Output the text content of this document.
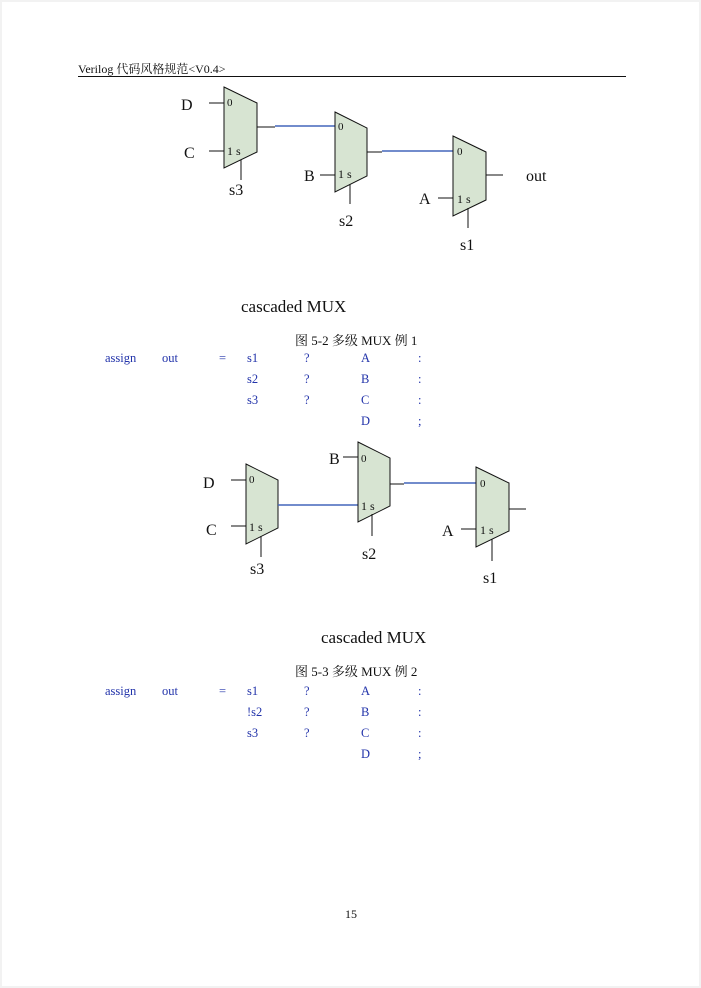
Verilog 代码风格规范<V0.4>
D
C
0
1 s
s3
B
0
1 s
s2
A
0
1 s
s1
out
cascaded MUX
图 5-2 多级 MUX 例 1
assign out	= s1	?	A	:
s2	?	B	:
s3	?	C	:
D	;
D
C
0
1 s
s3
B 0
1 s
s2
A
0
1 s
s1
cascaded MUX
图 5-3 多级 MUX 例 2
assign out	= s1	?	A	:
!s2	?	B	:
s3	?	C	:
D	;
15
